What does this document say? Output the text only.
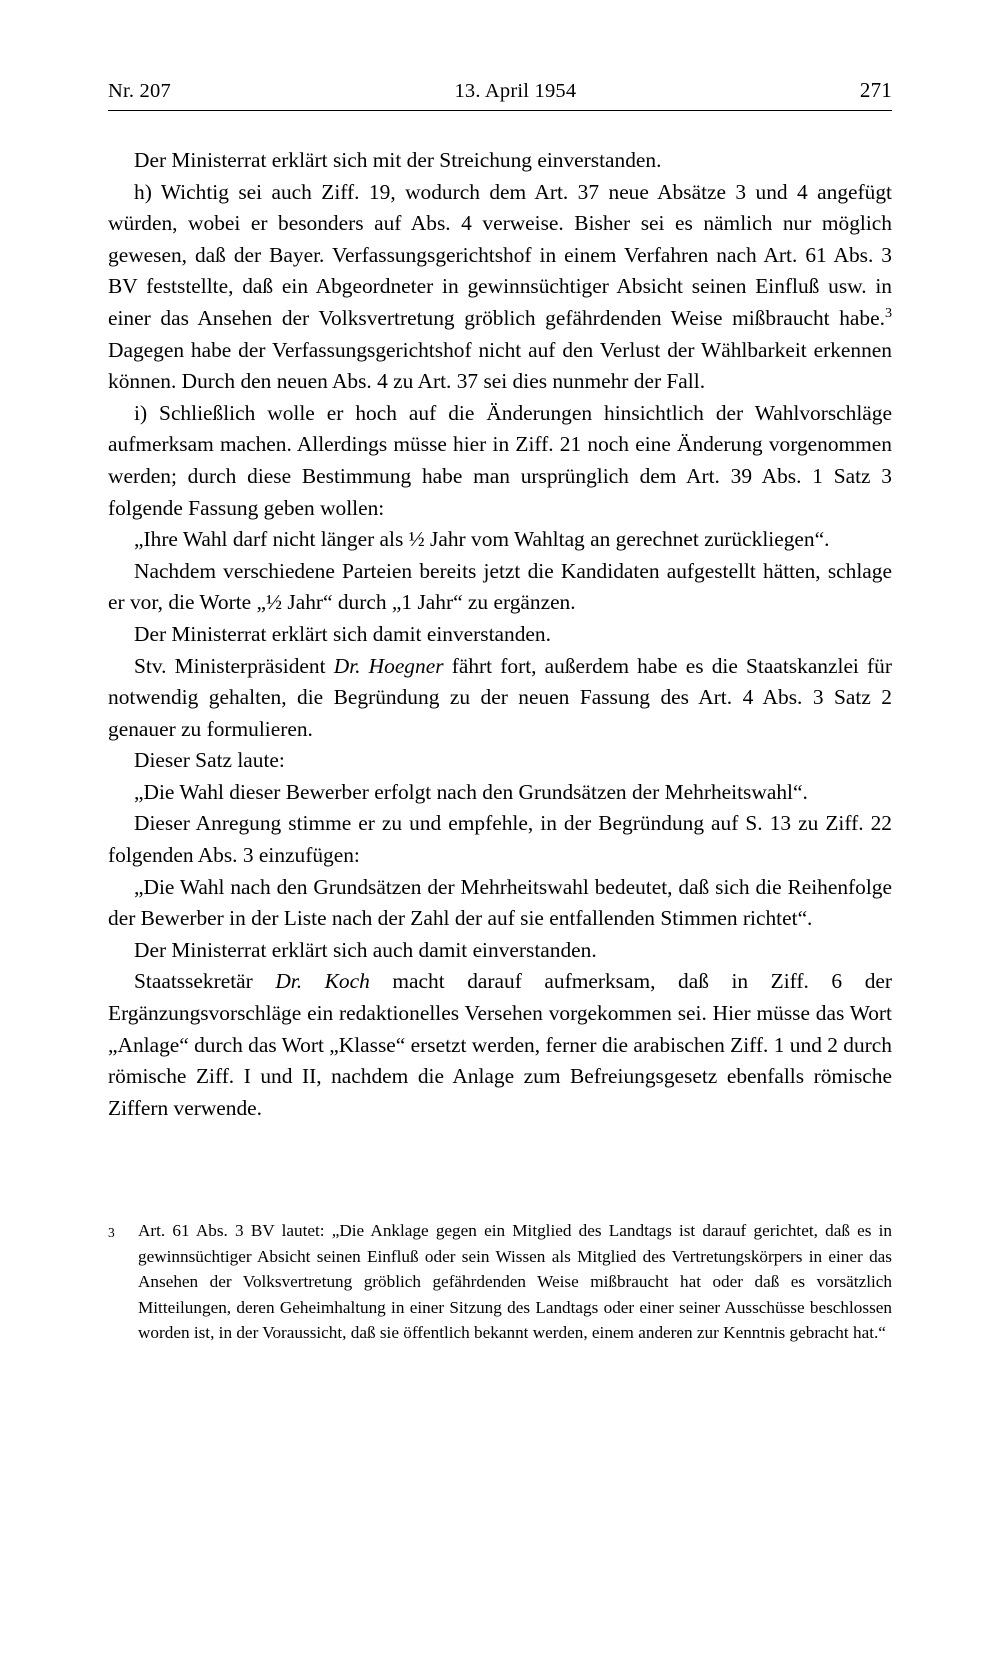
Nr. 207	13. April 1954	271

Der Ministerrat erklärt sich mit der Streichung einverstanden.

h) Wichtig sei auch Ziff. 19, wodurch dem Art. 37 neue Absätze 3 und 4 angefügt würden, wobei er besonders auf Abs. 4 verweise. Bisher sei es nämlich nur möglich gewesen, daß der Bayer. Verfassungsgerichtshof in einem Verfahren nach Art. 61 Abs. 3 BV feststellte, daß ein Abgeordneter in gewinnsüchtiger Absicht seinen Einfluß usw. in einer das Ansehen der Volksvertretung gröblich gefährdenden Weise mißbraucht habe.$^3$ Dagegen habe der Verfassungsgerichtshof nicht auf den Verlust der Wählbarkeit erkennen können. Durch den neuen Abs. 4 zu Art. 37 sei dies nunmehr der Fall.

i) Schließlich wolle er hoch auf die Änderungen hinsichtlich der Wahlvorschläge aufmerksam machen. Allerdings müsse hier in Ziff. 21 noch eine Änderung vorgenommen werden; durch diese Bestimmung habe man ursprünglich dem Art. 39 Abs. 1 Satz 3 folgende Fassung geben wollen:

„Ihre Wahl darf nicht länger als ½ Jahr vom Wahltag an gerechnet zurückliegen“.

Nachdem verschiedene Parteien bereits jetzt die Kandidaten aufgestellt hätten, schlage er vor, die Worte „½ Jahr“ durch „1 Jahr“ zu ergänzen.

Der Ministerrat erklärt sich damit einverstanden.

Stv. Ministerpräsident Dr. Hoegner fährt fort, außerdem habe es die Staatskanzlei für notwendig gehalten, die Begründung zu der neuen Fassung des Art. 4 Abs. 3 Satz 2 genauer zu formulieren.

Dieser Satz laute:

„Die Wahl dieser Bewerber erfolgt nach den Grundsätzen der Mehrheitswahl“.

Dieser Anregung stimme er zu und empfehle, in der Begründung auf S. 13 zu Ziff. 22 folgenden Abs. 3 einzufügen:

„Die Wahl nach den Grundsätzen der Mehrheitswahl bedeutet, daß sich die Reihenfolge der Bewerber in der Liste nach der Zahl der auf sie entfallenden Stimmen richtet“.

Der Ministerrat erklärt sich auch damit einverstanden.

Staatssekretär Dr. Koch macht darauf aufmerksam, daß in Ziff. 6 der Ergänzungsvorschläge ein redaktionelles Versehen vorgekommen sei. Hier müsse das Wort „Anlage“ durch das Wort „Klasse“ ersetzt werden, ferner die arabischen Ziff. 1 und 2 durch römische Ziff. I und II, nachdem die Anlage zum Befreiungsgesetz ebenfalls römische Ziffern verwende.

3	Art. 61 Abs. 3 BV lautet: „Die Anklage gegen ein Mitglied des Landtags ist darauf gerichtet, daß es in gewinnsüchtiger Absicht seinen Einfluß oder sein Wissen als Mitglied des Vertretungskörpers in einer das Ansehen der Volksvertretung gröblich gefährdenden Weise mißbraucht hat oder daß es vorsätzlich Mitteilungen, deren Geheimhaltung in einer Sitzung des Landtags oder einer seiner Ausschüsse beschlossen worden ist, in der Voraussicht, daß sie öffentlich bekannt werden, einem anderen zur Kenntnis gebracht hat.“
